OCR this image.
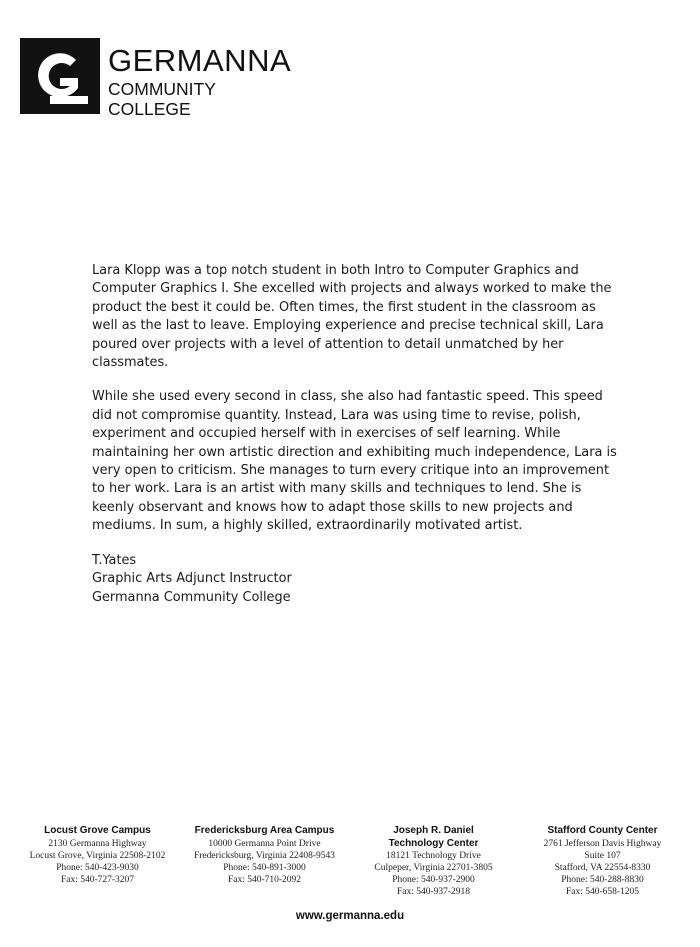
GERMANNA
COMMUNITY COLLEGE

Lara Klopp was a top notch student in both Intro to Computer Graphics and Computer Graphics I. She excelled with projects and always worked to make the product the best it could be. Often times, the first student in the classroom as well as the last to leave. Employing experience and precise technical skill, Lara poured over projects with a level of attention to detail unmatched by her classmates.

While she used every second in class, she also had fantastic speed. This speed did not compromise quantity. Instead, Lara was using time to revise, polish, experiment and occupied herself with in exercises of self learning. While maintaining her own artistic direction and exhibiting much independence, Lara is very open to criticism. She manages to turn every critique into an improvement to her work. Lara is an artist with many skills and techniques to lend. She is keenly observant and knows how to adapt those skills to new projects and mediums. In sum, a highly skilled, extraordinarily motivated artist.

T.Yates
Graphic Arts Adjunct Instructor
Germanna Community College
Locust Grove Campus
2130 Germanna Highway
Locust Grove, Virginia 22508-2102
Phone: 540-423-9030
Fax: 540-727-3207
Fredericksburg Area Campus
10000 Germanna Point Drive
Fredericksburg, Virginia 22408-9543
Phone: 540-891-3000
Fax: 540-710-2092
Joseph R. Daniel
Technology Center
18121 Technology Drive
Culpeper, Virginia 22701-3805
Phone: 540-937-2900
Fax: 540-937-2918
Stafford County Center
2761 Jefferson Davis Highway
Suite 107
Stafford, VA 22554-8330
Phone: 540-288-8830
Fax: 540-658-1205
www.germanna.edu
